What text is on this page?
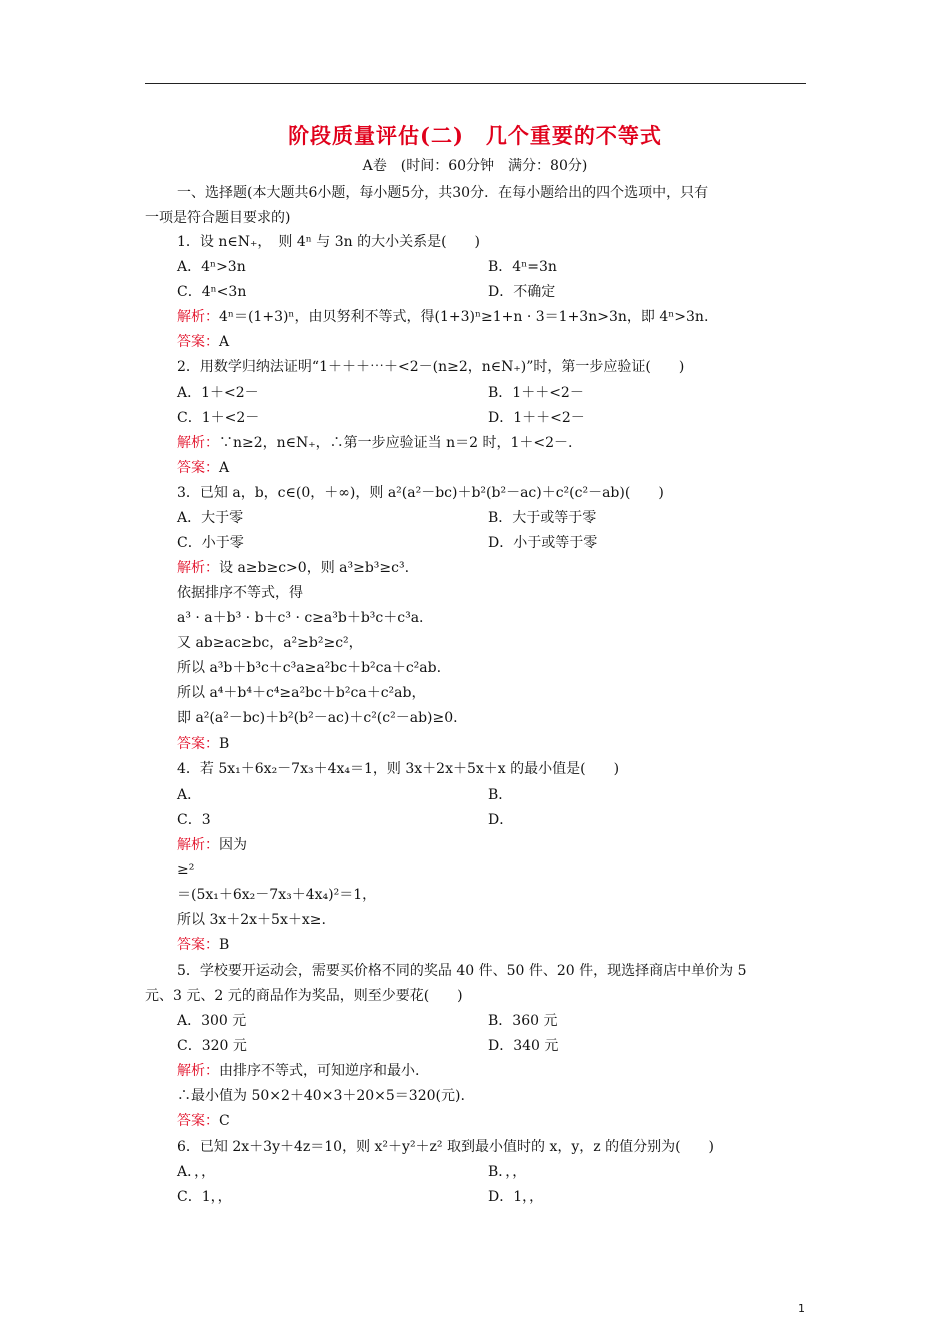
阶段质量评估(二)　几个重要的不等式
A卷　(时间：60分钟　满分：80分)
一、选择题(本大题共6小题，每小题5分，共30分．在每小题给出的四个选项中，只有
一项是符合题目要求的)
1．设 n∈N₊，　则 4ⁿ 与 3n 的大小关系是(　　)
A．4ⁿ>3n	B．4ⁿ=3n
C．4ⁿ<3n	D．不确定
解析：4ⁿ＝(1+3)ⁿ，由贝努利不等式，得(1+3)ⁿ≥1+n · 3＝1+3n>3n，即 4ⁿ>3n.
答案：A
2．用数学归纳法证明“1＋＋＋⋯＋<2－(n≥2，n∈N₊)”时，第一步应验证(　　)
A．1＋<2－	B．1＋＋<2－
C．1＋<2－	D．1＋＋<2－
解析：∵n≥2，n∈N₊，∴第一步应验证当 n＝2 时，1＋<2－.
答案：A
3．已知 a，b，c∈(0，＋∞)，则 a²(a²－bc)＋b²(b²－ac)＋c²(c²－ab)(　　)
A．大于零	B．大于或等于零
C．小于零	D．小于或等于零
解析：设 a≥b≥c>0，则 a³≥b³≥c³.
依据排序不等式，得
a³ · a＋b³ · b＋c³ · c≥a³b＋b³c＋c³a.
又 ab≥ac≥bc，a²≥b²≥c²，
所以 a³b＋b³c＋c³a≥a²bc＋b²ca＋c²ab.
所以 a⁴＋b⁴＋c⁴≥a²bc＋b²ca＋c²ab，
即 a²(a²－bc)＋b²(b²－ac)＋c²(c²－ab)≥0.
答案：B
4．若 5x₁＋6x₂－7x₃＋4x₄＝1，则 3x＋2x＋5x＋x 的最小值是(　　)
A．	B．
C．3	D．
解析：因为
≥²
＝(5x₁＋6x₂－7x₃＋4x₄)²＝1，
所以 3x＋2x＋5x＋x≥.
答案：B
5．学校要开运动会，需要买价格不同的奖品 40 件、50 件、20 件，现选择商店中单价为 5
元、3 元、2 元的商品作为奖品，则至少要花(　　)
A．300 元	B．360 元
C．320 元	D．340 元
解析：由排序不等式，可知逆序和最小.
∴最小值为 50×2＋40×3＋20×5＝320(元).
答案：C
6．已知 2x＋3y＋4z＝10，则 x²＋y²＋z² 取到最小值时的 x，y，z 的值分别为(　　)
A．，，	B．，，
C．1，，	D．1，，
1
